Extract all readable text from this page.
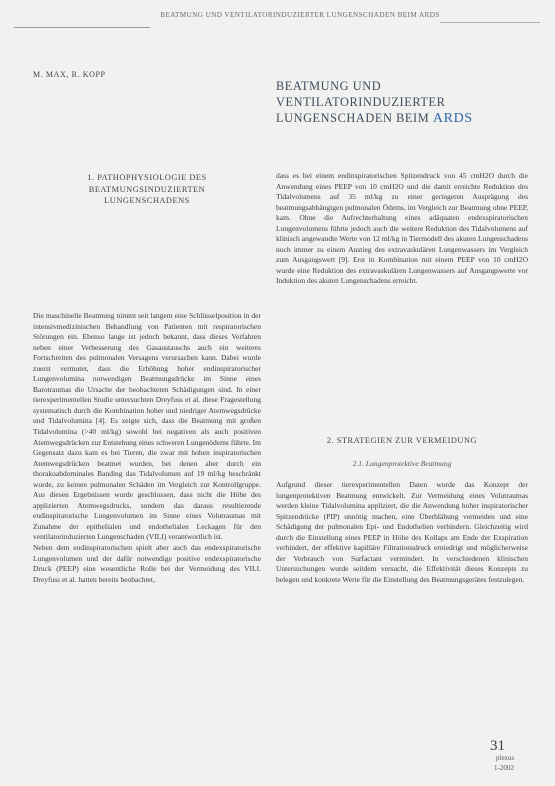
BEATMUNG UND VENTILATORINDUZIERTER LUNGENSCHADEN BEIM ARDS
M. MAX, R. KOPP
BEATMUNG UND VENTILATORINDUZIERTER
LUNGENSCHADEN BEIM ARDS
1. PATHOPHYSIOLOGIE DES
BEATMUNGSINDUZIERTEN
LUNGENSCHADENS

Die maschinelle Beatmung nimmt seit langem eine Schlüsselposition in der intensivmedizinischen Behandlung von Patienten mit respiratorischen Störungen ein. Ebenso lange ist jedoch bekannt, dass dieses Verfahren neben einer Verbesserung des Gasaustauschs auch ein weiteres Fortschreiten des pulmonalen Versagens verursachen kann. Dabei wurde zuerst vermutet, dass die Erhöhung hoher endinspiratorischer Lungenvolumina notwendigen Beatmungsdrücke im Sinne eines Barotraumas die Ursache der beobachteten Schädigungen sind. In einer tierexperimentellen Studie untersuchten Dreyfuss et al. diese Fragestellung systematisch durch die Kombination hoher und niedriger Atemwegsdrücke und Tidalvolumina [4]. Es zeigte sich, dass die Beatmung mit großen Tidalvolumina (>40 ml/kg) sowohl bei negativen als auch positiven Atemwegsdrücken zur Entstehung eines schweren Lungenödems führte. Im Gegensatz dazu kam es bei Tieren, die zwar mit hohen inspiratorischen Atemwegsdrücken beatmet wurden, bei denen aber durch ein thorakoabdominales Banding das Tidalvolumen auf 19 ml/kg beschränkt wurde, zu keinen pulmonalen Schäden im Vergleich zur Kontrollgruppe. Aus diesen Ergebnissen wurde geschlossen, dass nicht die Höhe des applizierten Atemwegsdrucks, sondern das daraus resultierende endinspiratorische Lungenvolumen im Sinne eines Volutraumas mit Zunahme der epithelialen und endothelialen Leckagen für den ventilatorinduzierten Lungenschaden (VILI) verantwortlich ist.

Neben dem endinspiratorischen spielt aber auch das endexspiratorische Lungenvolumen und der dafür notwendige positive endexspiratorische Druck (PEEP) eine wesentliche Rolle bei der Vermeidung des VILI. Dreyfuss et al. hatten bereits beobachtet,

dass es bei einem endinspiratorischen Spitzendruck von 45 cmH2O durch die Anwendung eines PEEP von 10 cmH2O und die damit erreichte Reduktion des Tidalvolumens auf 35 ml/kg zu einer geringeren Ausprägung des beatmungsabhängigen pulmonalen Ödems, im Vergleich zur Beatmung ohne PEEP, kam. Ohne die Aufrechterhaltung eines adäquaten endexspiratorischen Lungenvolumens führte jedoch auch die weitere Reduktion des Tidalvolumens auf klinisch angewandte Werte von 12 ml/kg in Tiermodell des akuten Lungenschadens noch immer zu einem Anstieg des extravaskulären Lungenwassers im Vergleich zum Ausgangswert [9]. Erst in Kombination mit einem PEEP von 10 cmH2O wurde eine Reduktion des extravaskulären Lungenwassers auf Ausgangswerte vor Induktion des akuten Lungenschadens erreicht.

2. STRATEGIEN ZUR VERMEIDUNG
2.1. Lungenprotektive Beatmung

Aufgrund dieser tierexperimentellen Daten wurde das Konzept der lungenprotektiven Beatmung entwickelt. Zur Vermeidung eines Volutraumas werden kleine Tidalvolumina appliziert, die die Anwendung hoher inspiratorischer Spitzendrücke (PIP) unnötig machen, eine Überblähung vermeiden und eine Schädigung der pulmonalen Epi- und Endothelien verhindern. Gleichzeitig wird durch die Einstellung eines PEEP in Höhe des Kollaps am Ende der Exspiration verhindert, der effektive kapilläre Filtrationsdruck erniedrigt und möglicherweise der Verbrauch von Surfactant vermindert. In verschiedenen klinischen Untersuchungen wurde seitdem versucht, die Effektivität dieses Konzepts zu belegen und konkrete Werte für die Einstellung des Beatmungsgerätes festzulegen.

31
plexus
1-2002
